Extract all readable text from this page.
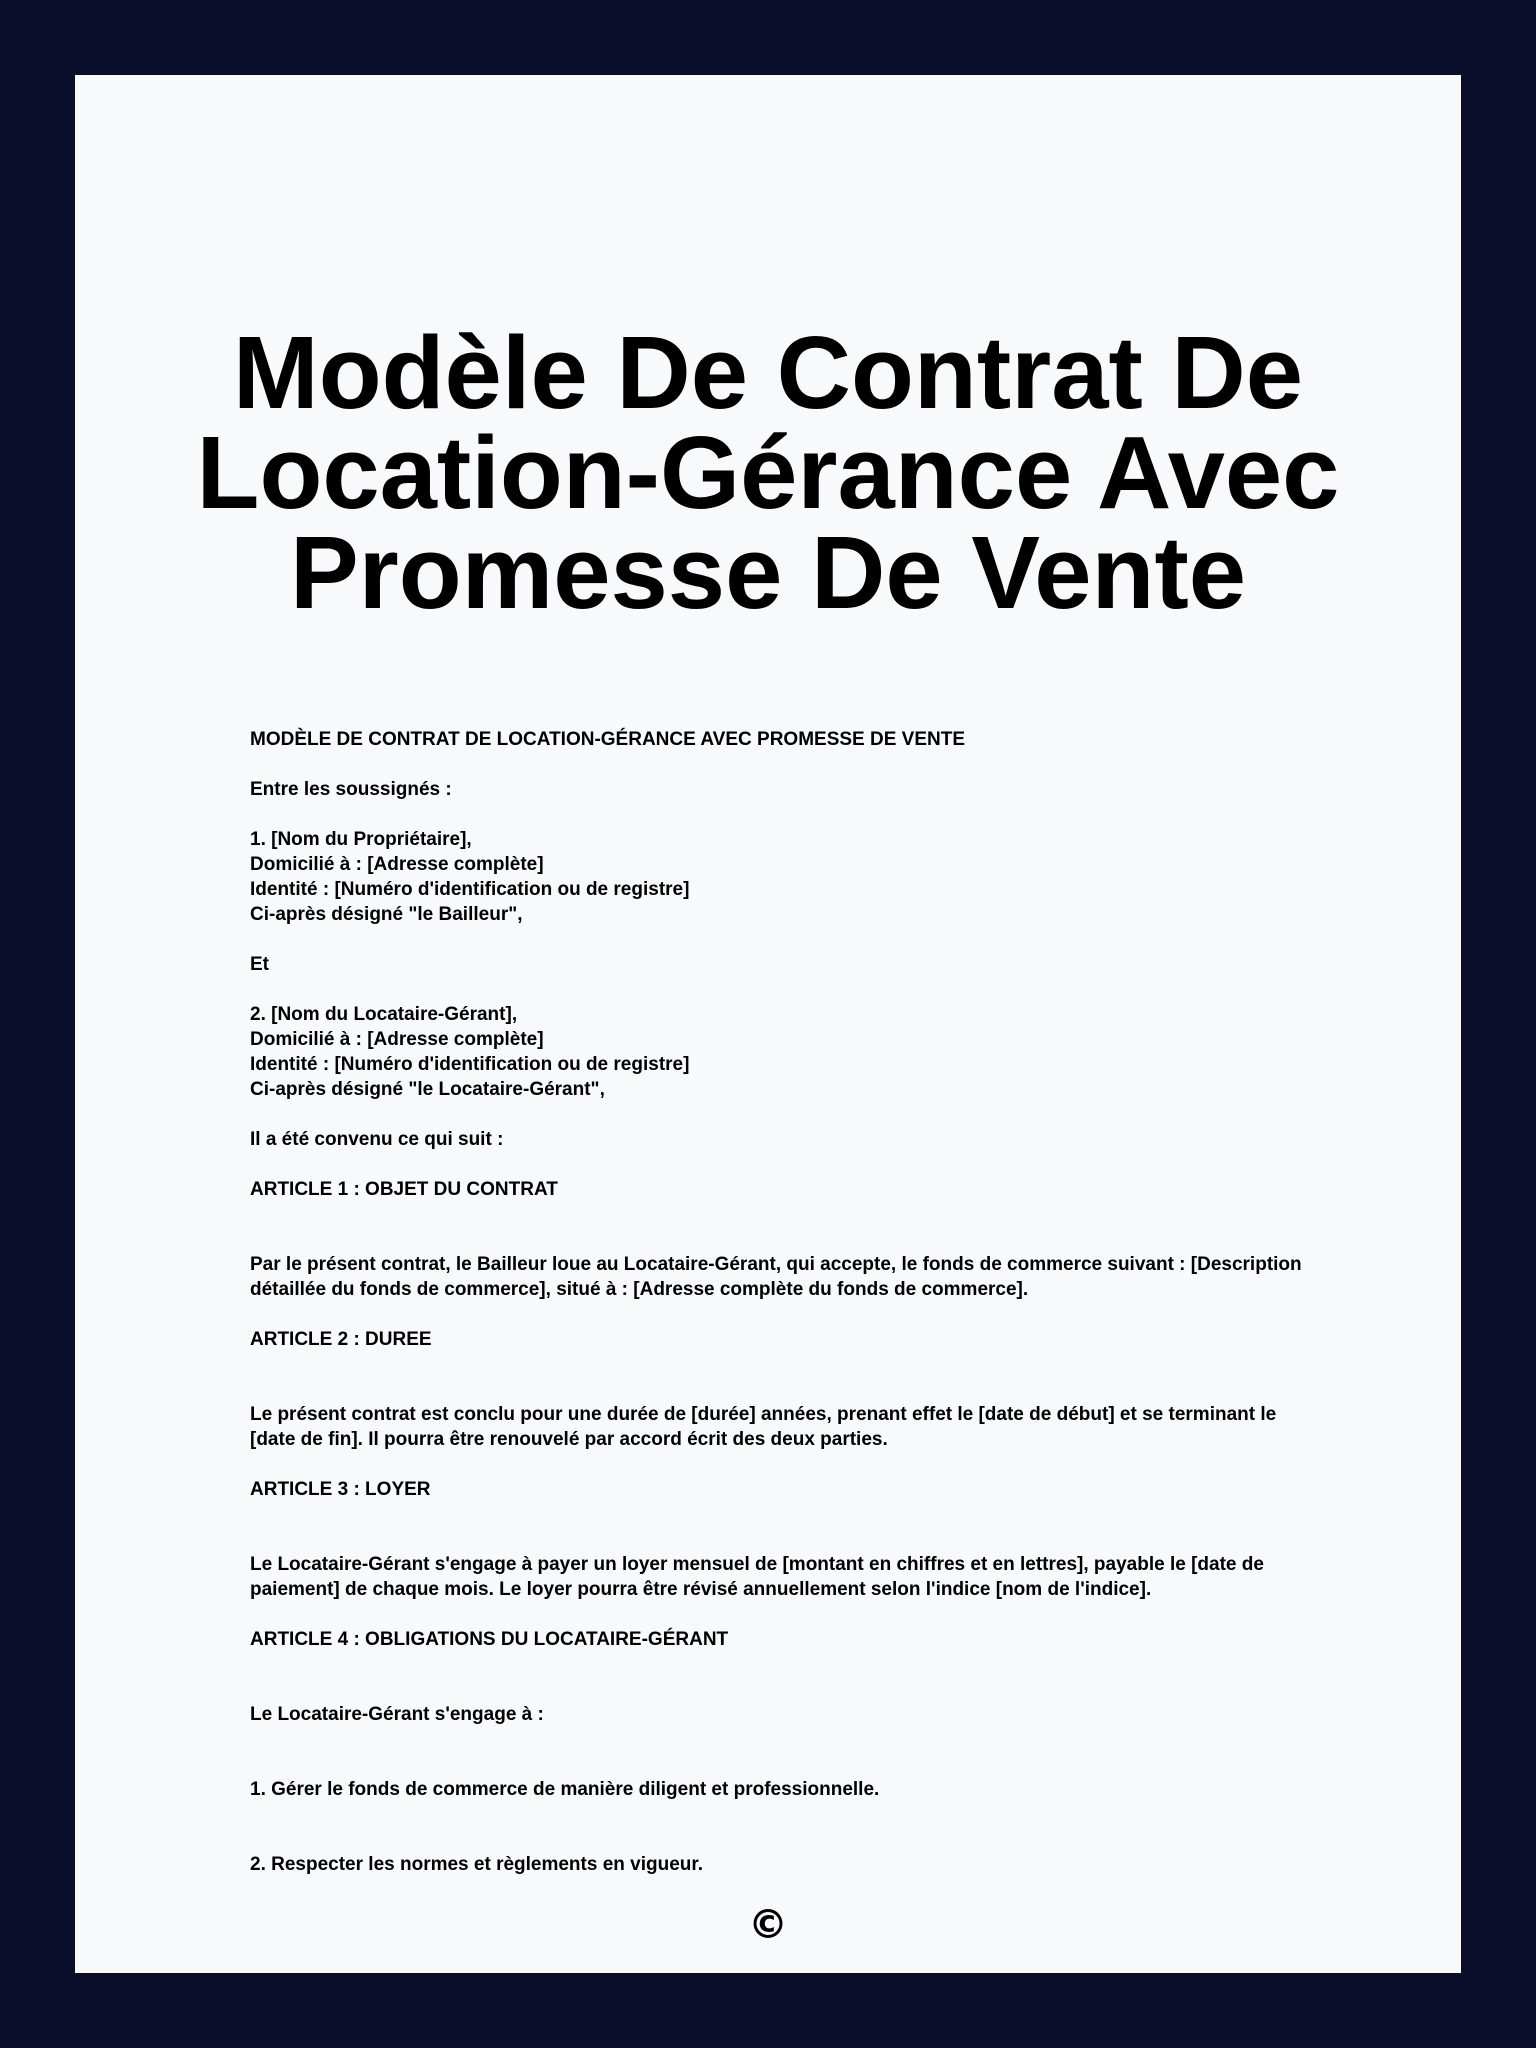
Modèle De Contrat De
Location-Gérance Avec
Promesse De Vente
MODÈLE DE CONTRAT DE LOCATION-GÉRANCE AVEC PROMESSE DE VENTE
Entre les soussignés :
1. [Nom du Propriétaire],
Domicilié à : [Adresse complète]
Identité : [Numéro d'identification ou de registre]
Ci-après désigné "le Bailleur",
Et
2. [Nom du Locataire-Gérant],
Domicilié à : [Adresse complète]
Identité : [Numéro d'identification ou de registre]
Ci-après désigné "le Locataire-Gérant",
Il a été convenu ce qui suit :
ARTICLE 1 : OBJET DU CONTRAT
Par le présent contrat, le Bailleur loue au Locataire-Gérant, qui accepte, le fonds de commerce suivant : [Description détaillée du fonds de commerce], situé à : [Adresse complète du fonds de commerce].
ARTICLE 2 : DUREE
Le présent contrat est conclu pour une durée de [durée] années, prenant effet le [date de début] et se terminant le [date de fin]. Il pourra être renouvelé par accord écrit des deux parties.
ARTICLE 3 : LOYER
Le Locataire-Gérant s'engage à payer un loyer mensuel de [montant en chiffres et en lettres], payable le [date de paiement] de chaque mois. Le loyer pourra être révisé annuellement selon l'indice [nom de l'indice].
ARTICLE 4 : OBLIGATIONS DU LOCATAIRE-GÉRANT
Le Locataire-Gérant s'engage à :
1. Gérer le fonds de commerce de manière diligent et professionnelle.
2. Respecter les normes et règlements en vigueur.
©
